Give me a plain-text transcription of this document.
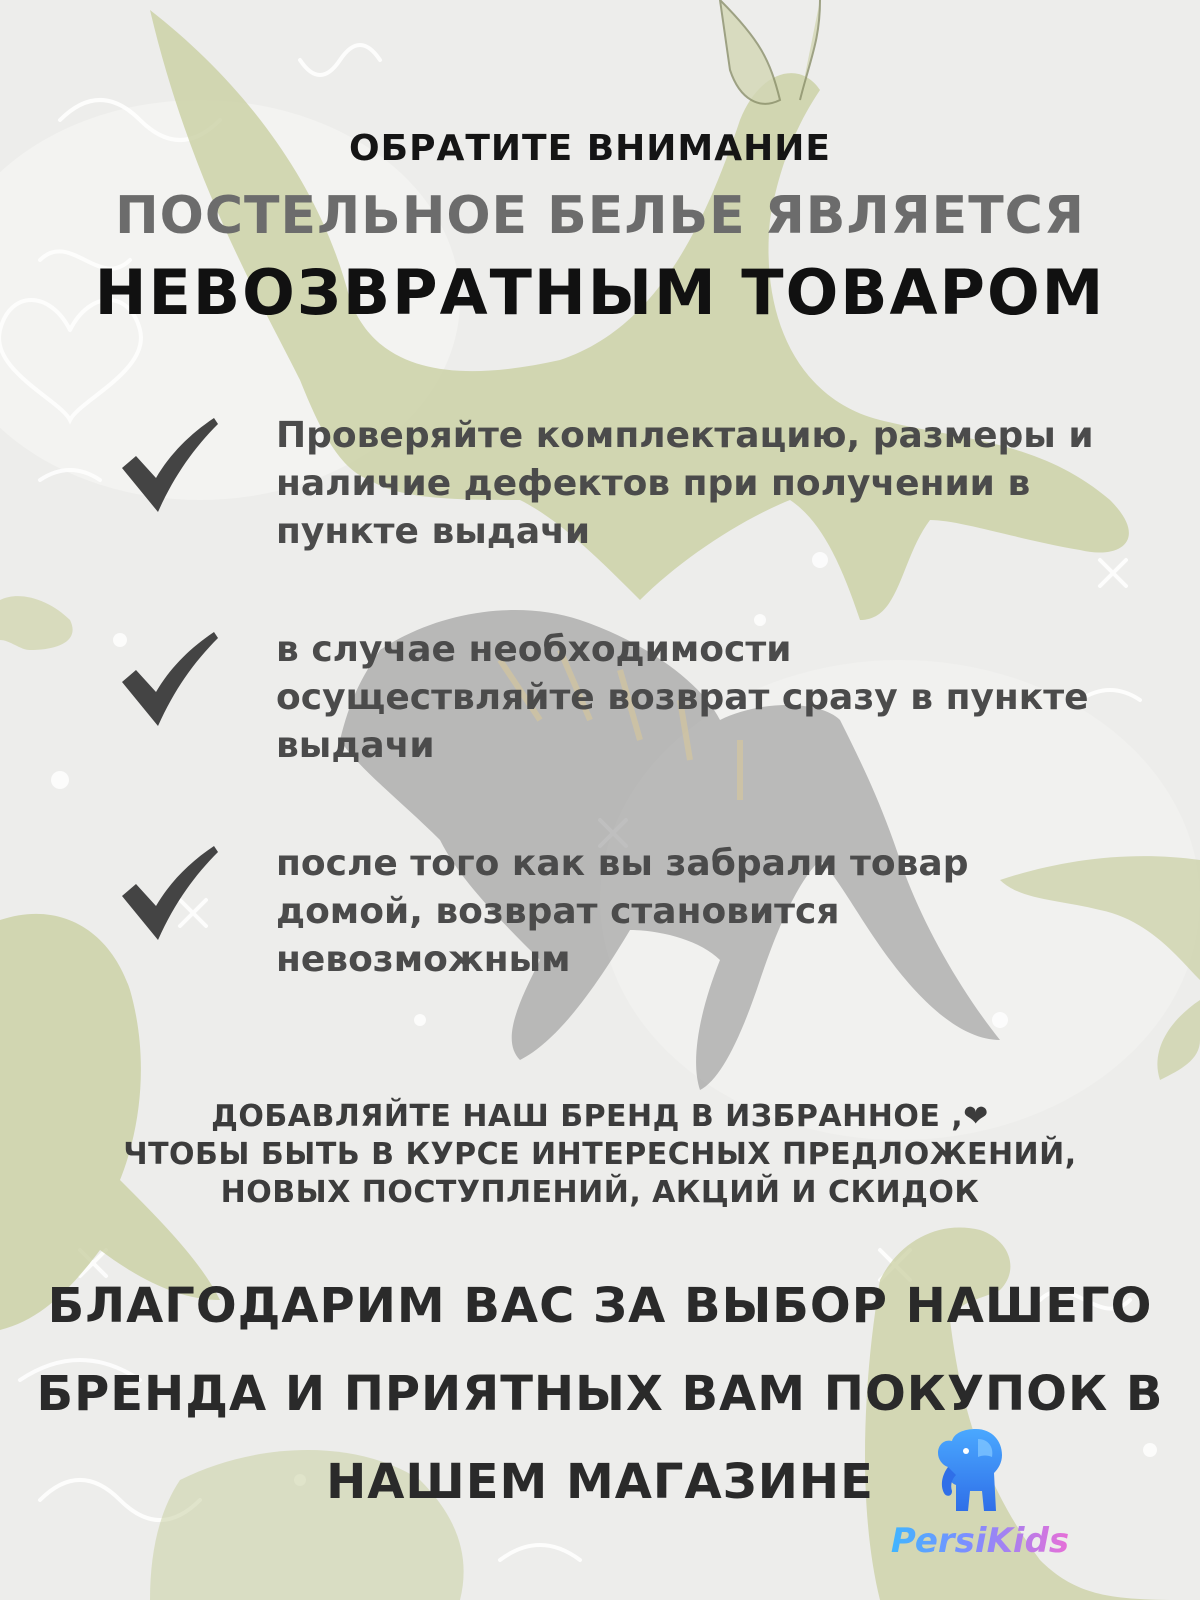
ОБРАТИТЕ ВНИМАНИЕ
ПОСТЕЛЬНОЕ БЕЛЬЕ ЯВЛЯЕТСЯ
НЕВОЗВРАТНЫМ ТОВАРОМ
Проверяйте комплектацию, размеры и наличие дефектов при получении в пункте выдачи
в случае необходимости осуществляйте возврат сразу в пункте выдачи
после того как вы забрали товар домой, возврат становится невозможным
ДОБАВЛЯЙТЕ НАШ БРЕНД В ИЗБРАННОЕ ,❤
ЧТОБЫ БЫТЬ В КУРСЕ ИНТЕРЕСНЫХ ПРЕДЛОЖЕНИЙ,
НОВЫХ ПОСТУПЛЕНИЙ, АКЦИЙ И СКИДОК
БЛАГОДАРИМ ВАС ЗА ВЫБОР НАШЕГО
БРЕНДА И ПРИЯТНЫХ ВАМ ПОКУПОК В
НАШЕМ МАГАЗИНЕ
PersiKids
